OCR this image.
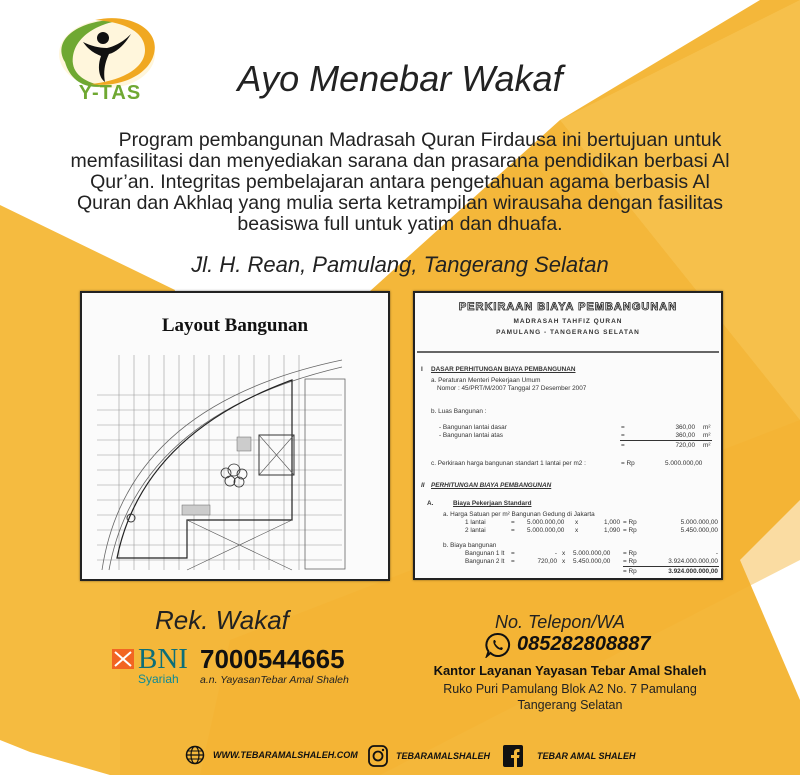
Y-TAS	Ayo Menebar Wakaf
Program pembangunan Madrasah Quran Firdausa ini bertujuan untuk memfasilitasi dan menyediakan sarana dan prasarana pendidikan berbasi Al Qur’an. Integritas pembelajaran antara pengetahuan agama berbasis Al Quran dan Akhlaq yang mulia serta ketrampilan wirausaha dengan fasilitas beasiswa full untuk yatim dan dhuafa.
Jl. H. Rean, Pamulang, Tangerang Selatan
Layout Bangunan
PERKIRAAN BIAYA PEMBANGUNAN
MADRASAH TAHFIZ QURAN
PAMULANG - TANGERANG SELATAN
I DASAR PERHITUNGAN BIAYA PEMBANGUNAN
a. Peraturan Menteri Pekerjaan Umum
Nomor : 45/PRT/M/2007 Tanggal 27 Desember 2007
b. Luas Bangunan :
- Bangunan lantai dasar	=	360,00 m²
- Bangunan lantai atas	=	360,00 m²
=	720,00 m²
c. Perkiraan harga bangunan standart 1 lantai per m2 :	= Rp	5.000.000,00
II PERHITUNGAN BIAYA PEMBANGUNAN
A.	Biaya Pekerjaan Standard
a. Harga Satuan per m² Bangunan Gedung di Jakarta
1 lantai	= 5.000.000,00 x	1,000 = Rp	5.000.000,00
2 lantai	= 5.000.000,00 x	1,090 = Rp	5.450.000,00
b. Biaya bangunan
Bangunan 1 lt =	- x 5.000.000,00 = Rp	-
Bangunan 2 lt =	720,00 x 5.450.000,00 = Rp	3.924.000.000,00
= Rp	3.924.000.000,00
Rek. Wakaf
BNI
Syariah
7000544665
a.n. YayasanTebar Amal Shaleh
No. Telepon/WA
085282808887
Kantor Layanan Yayasan Tebar Amal Shaleh
Ruko Puri Pamulang Blok A2 No. 7 Pamulang
Tangerang Selatan
WWW.TEBARAMALSHALEH.COM	TEBARAMALSHALEH	TEBAR AMAL SHALEH
